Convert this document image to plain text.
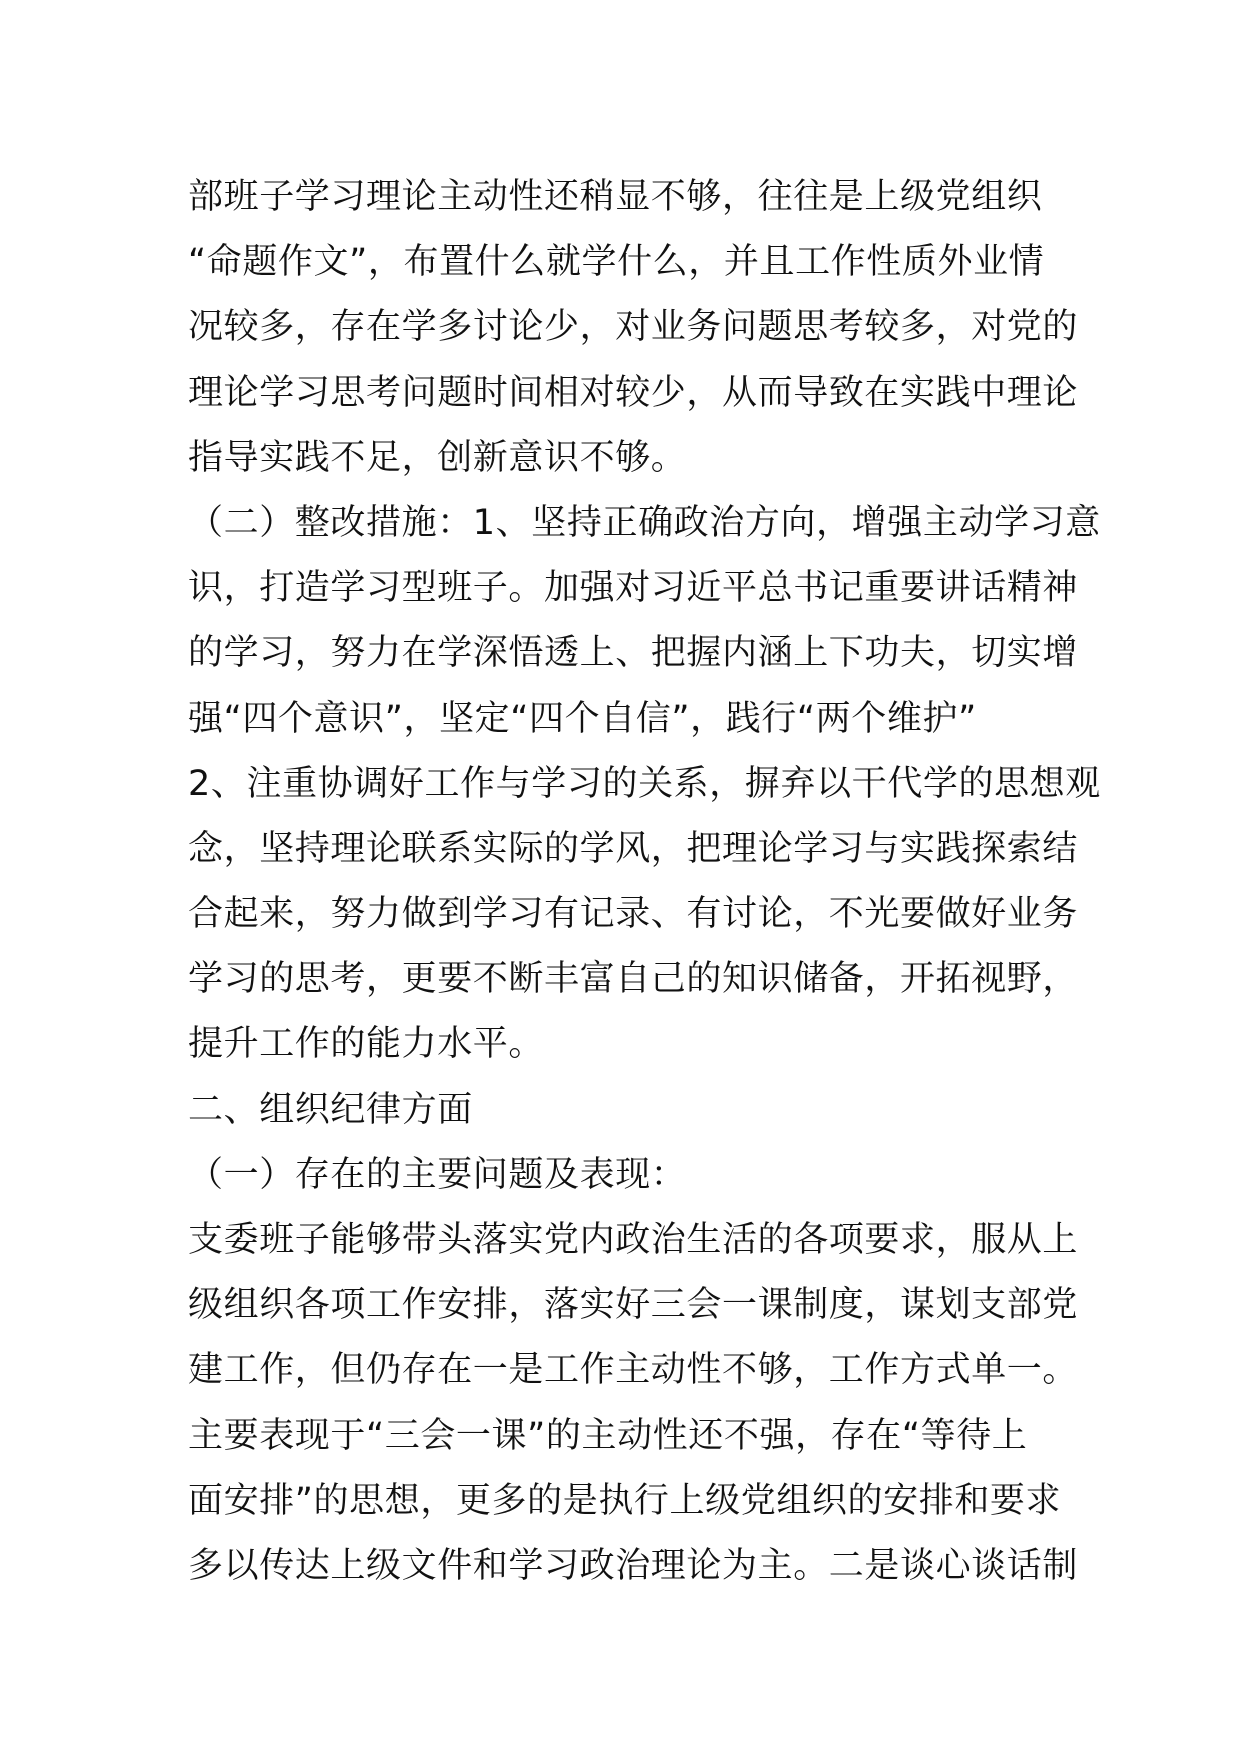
部班子学习理论主动性还稍显不够，往往是上级党组织
“命题作文”，布置什么就学什么，并且工作性质外业情
况较多，存在学多讨论少，对业务问题思考较多，对党的
理论学习思考问题时间相对较少，从而导致在实践中理论
指导实践不足，创新意识不够。
（二）整改措施：1、坚持正确政治方向，增强主动学习意
识，打造学习型班子。加强对习近平总书记重要讲话精神
的学习，努力在学深悟透上、把握内涵上下功夫，切实增
强“四个意识”，坚定“四个自信”，践行“两个维护”
2、注重协调好工作与学习的关系，摒弃以干代学的思想观
念，坚持理论联系实际的学风，把理论学习与实践探索结
合起来，努力做到学习有记录、有讨论，不光要做好业务
学习的思考，更要不断丰富自己的知识储备，开拓视野，
提升工作的能力水平。
二、组织纪律方面
（一）存在的主要问题及表现：
支委班子能够带头落实党内政治生活的各项要求，服从上
级组织各项工作安排，落实好三会一课制度，谋划支部党
建工作，但仍存在一是工作主动性不够，工作方式单一。
主要表现于“三会一课”的主动性还不强，存在“等待上
面安排”的思想，更多的是执行上级党组织的安排和要求
多以传达上级文件和学习政治理论为主。二是谈心谈话制
